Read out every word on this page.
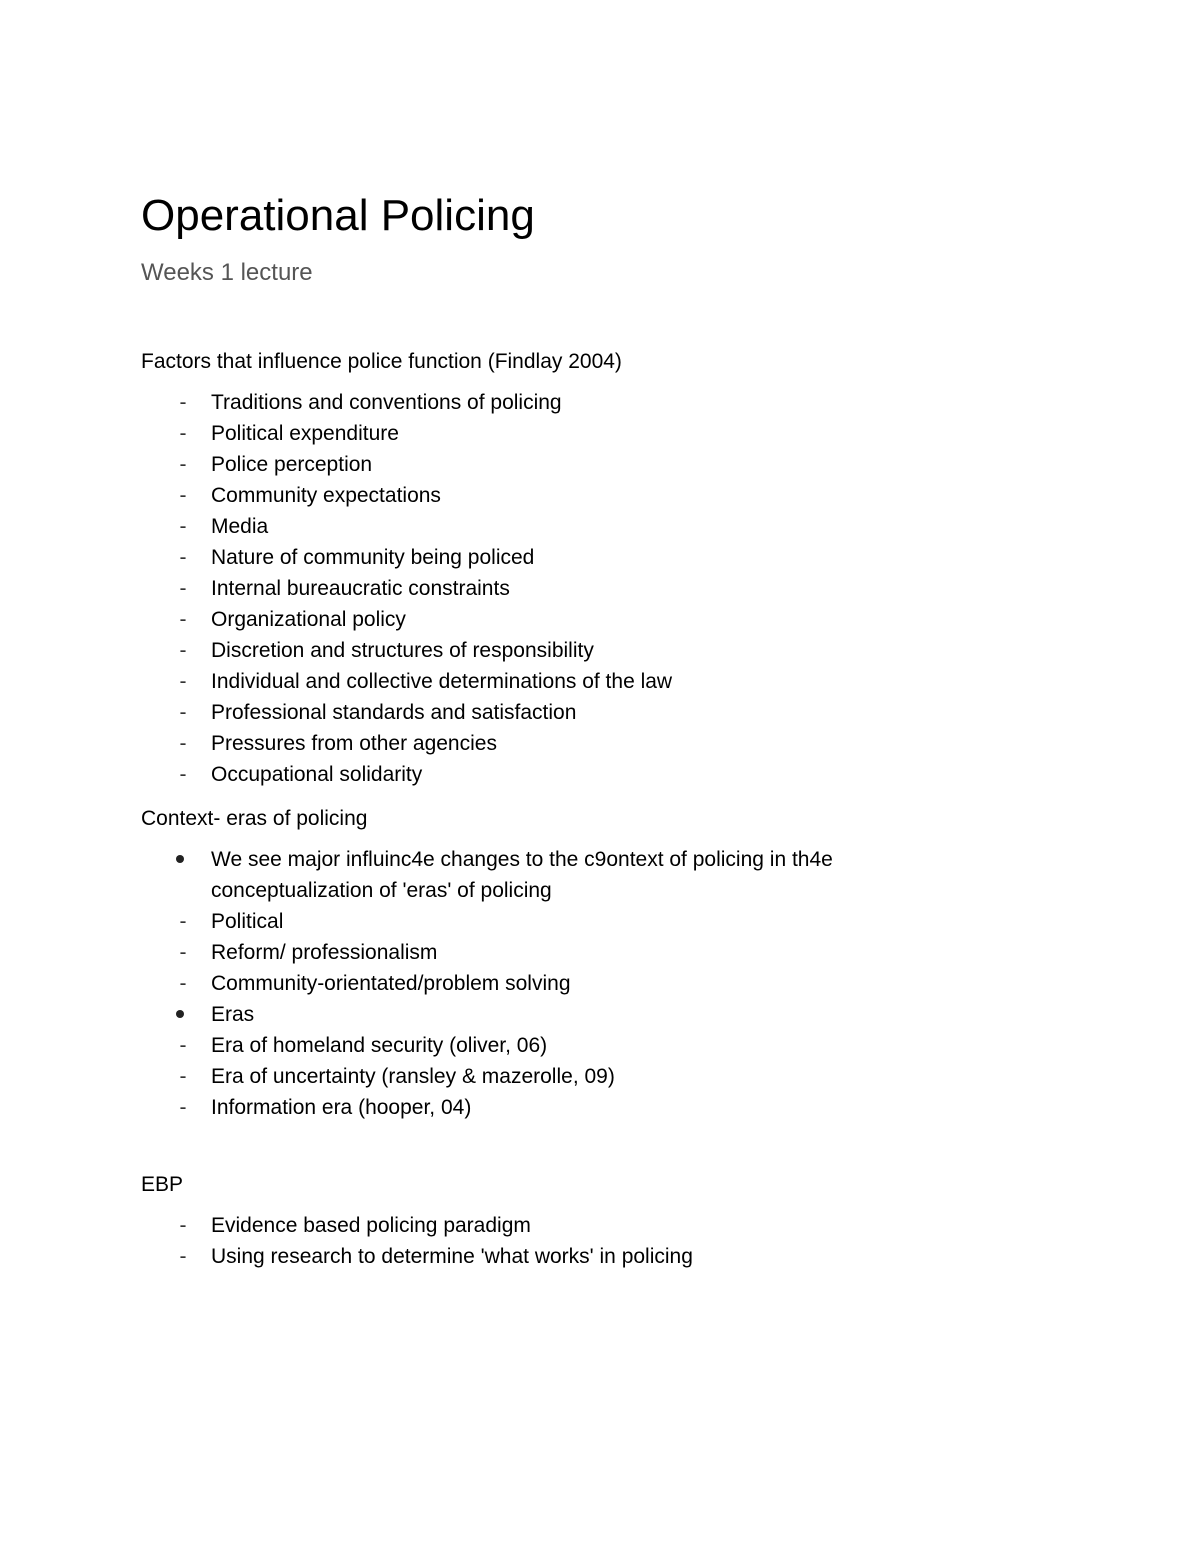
Operational Policing
Weeks 1 lecture

Factors that influence police function (Findlay 2004)

- Traditions and conventions of policing
- Political expenditure
- Police perception
- Community expectations
- Media
- Nature of community being policed
- Internal bureaucratic constraints
- Organizational policy
- Discretion and structures of responsibility
- Individual and collective determinations of the law
- Professional standards and satisfaction
- Pressures from other agencies
- Occupational solidarity

Context- eras of policing

We see major influinc4e changes to the c9ontext of policing in th4e conceptualization of 'eras' of policing
- Political
- Reform/ professionalism
- Community-orientated/problem solving
Eras
- Era of homeland security (oliver, 06)
- Era of uncertainty (ransley & mazerolle, 09)
- Information era (hooper, 04)

EBP

- Evidence based policing paradigm
- Using research to determine 'what works' in policing
